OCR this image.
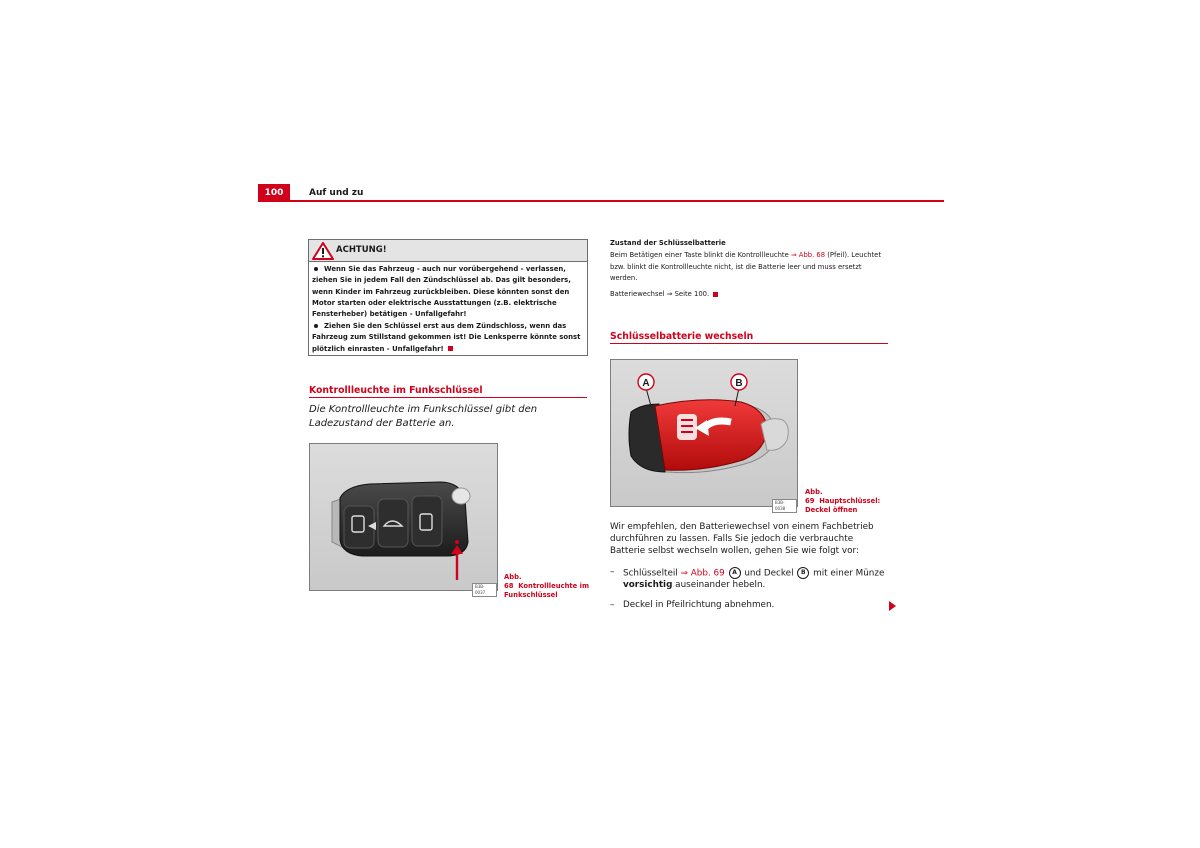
100	Auf und zu
ACHTUNG!
Wenn Sie das Fahrzeug - auch nur vorübergehend - verlassen, ziehen Sie in jedem Fall den Zündschlüssel ab. Das gilt besonders, wenn Kinder im Fahrzeug zurückbleiben. Diese könnten sonst den Motor starten oder elektrische Ausstattungen (z.B. elektrische Fensterheber) betätigen - Unfallgefahr!
Ziehen Sie den Schlüssel erst aus dem Zündschloss, wenn das Fahrzeug zum Stillstand gekommen ist! Die Lenksperre könnte sonst plötzlich einrasten - Unfallgefahr!
Kontrollleuchte im Funkschlüssel
Die Kontrollleuchte im Funkschlüssel gibt den Ladezustand der Batterie an.
B3B-0037
Abb. 68 Kontrollleuchte im Funkschlüssel
Zustand der Schlüsselbatterie
Beim Betätigen einer Taste blinkt die Kontrollleuchte ⇒ Abb. 68 (Pfeil). Leuchtet bzw. blinkt die Kontrollleuchte nicht, ist die Batterie leer und muss ersetzt werden.
Batteriewechsel ⇒ Seite 100.
Schlüsselbatterie wechseln
A	B
B3B-0038
Abb. 69 Hauptschlüssel: Deckel öffnen
Wir empfehlen, den Batteriewechsel von einem Fachbetrieb durchführen zu lassen. Falls Sie jedoch die verbrauchte Batterie selbst wechseln wollen, gehen Sie wie folgt vor:
– Schlüsselteil ⇒ Abb. 69 A und Deckel B mit einer Münze vorsichtig auseinander hebeln.
– Deckel in Pfeilrichtung abnehmen.
